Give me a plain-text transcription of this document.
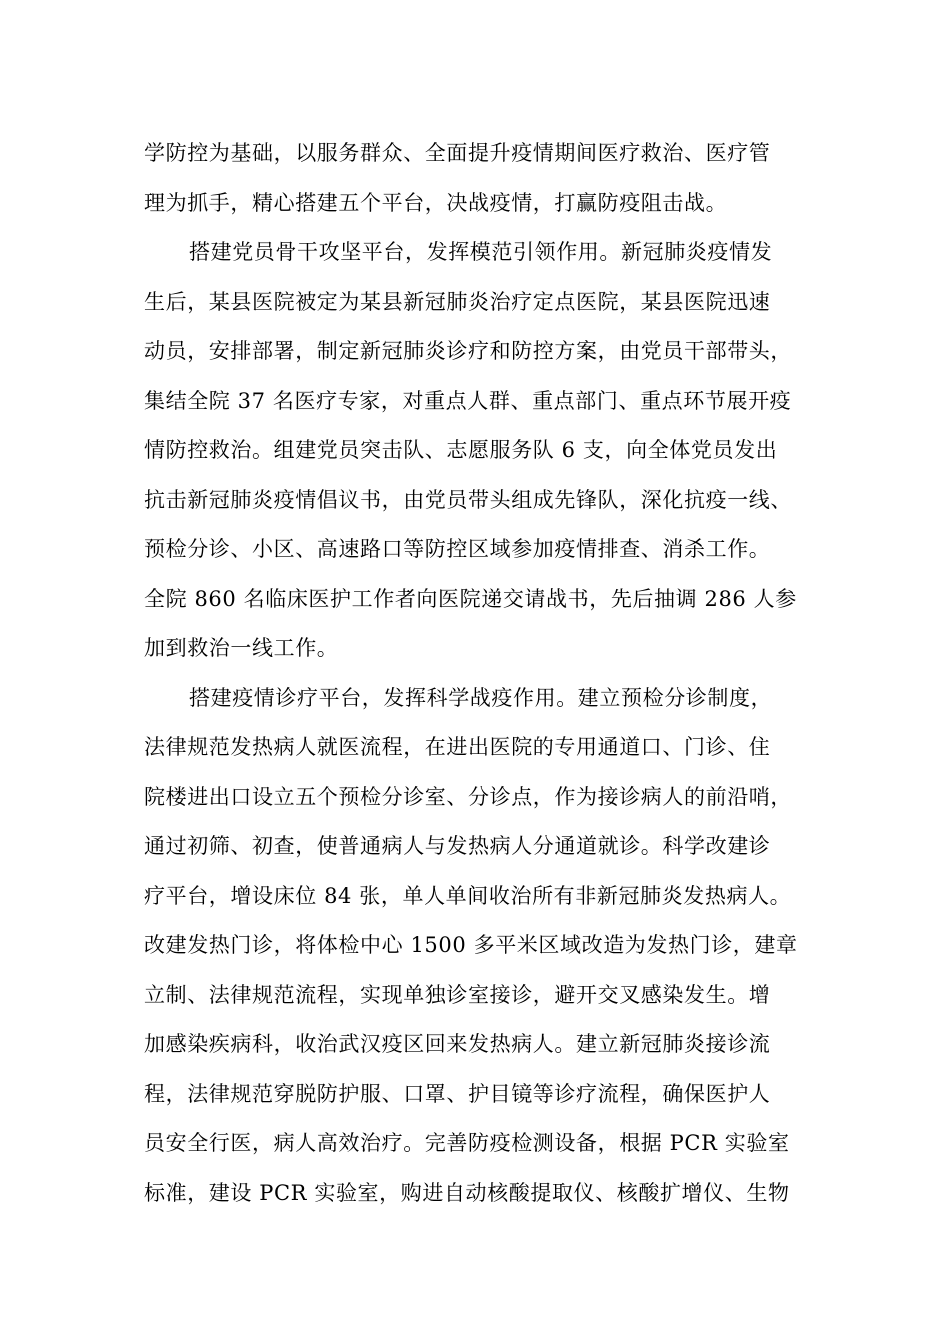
学防控为基础，以服务群众、全面提升疫情期间医疗救治、医疗管
理为抓手，精心搭建五个平台，决战疫情，打赢防疫阻击战。
搭建党员骨干攻坚平台，发挥模范引领作用。新冠肺炎疫情发
生后，某县医院被定为某县新冠肺炎治疗定点医院，某县医院迅速
动员，安排部署，制定新冠肺炎诊疗和防控方案，由党员干部带头，
集结全院 37 名医疗专家，对重点人群、重点部门、重点环节展开疫
情防控救治。组建党员突击队、志愿服务队 6 支，向全体党员发出
抗击新冠肺炎疫情倡议书，由党员带头组成先锋队，深化抗疫一线、
预检分诊、小区、高速路口等防控区域参加疫情排查、消杀工作。
全院 860 名临床医护工作者向医院递交请战书，先后抽调 286 人参
加到救治一线工作。
搭建疫情诊疗平台，发挥科学战疫作用。建立预检分诊制度，
法律规范发热病人就医流程，在进出医院的专用通道口、门诊、住
院楼进出口设立五个预检分诊室、分诊点，作为接诊病人的前沿哨，
通过初筛、初查，使普通病人与发热病人分通道就诊。科学改建诊
疗平台，增设床位 84 张，单人单间收治所有非新冠肺炎发热病人。
改建发热门诊，将体检中心 1500 多平米区域改造为发热门诊，建章
立制、法律规范流程，实现单独诊室接诊，避开交叉感染发生。增
加感染疾病科，收治武汉疫区回来发热病人。建立新冠肺炎接诊流
程，法律规范穿脱防护服、口罩、护目镜等诊疗流程，确保医护人
员安全行医，病人高效治疗。完善防疫检测设备，根据 PCR 实验室
标准，建设 PCR 实验室，购进自动核酸提取仪、核酸扩增仪、生物
